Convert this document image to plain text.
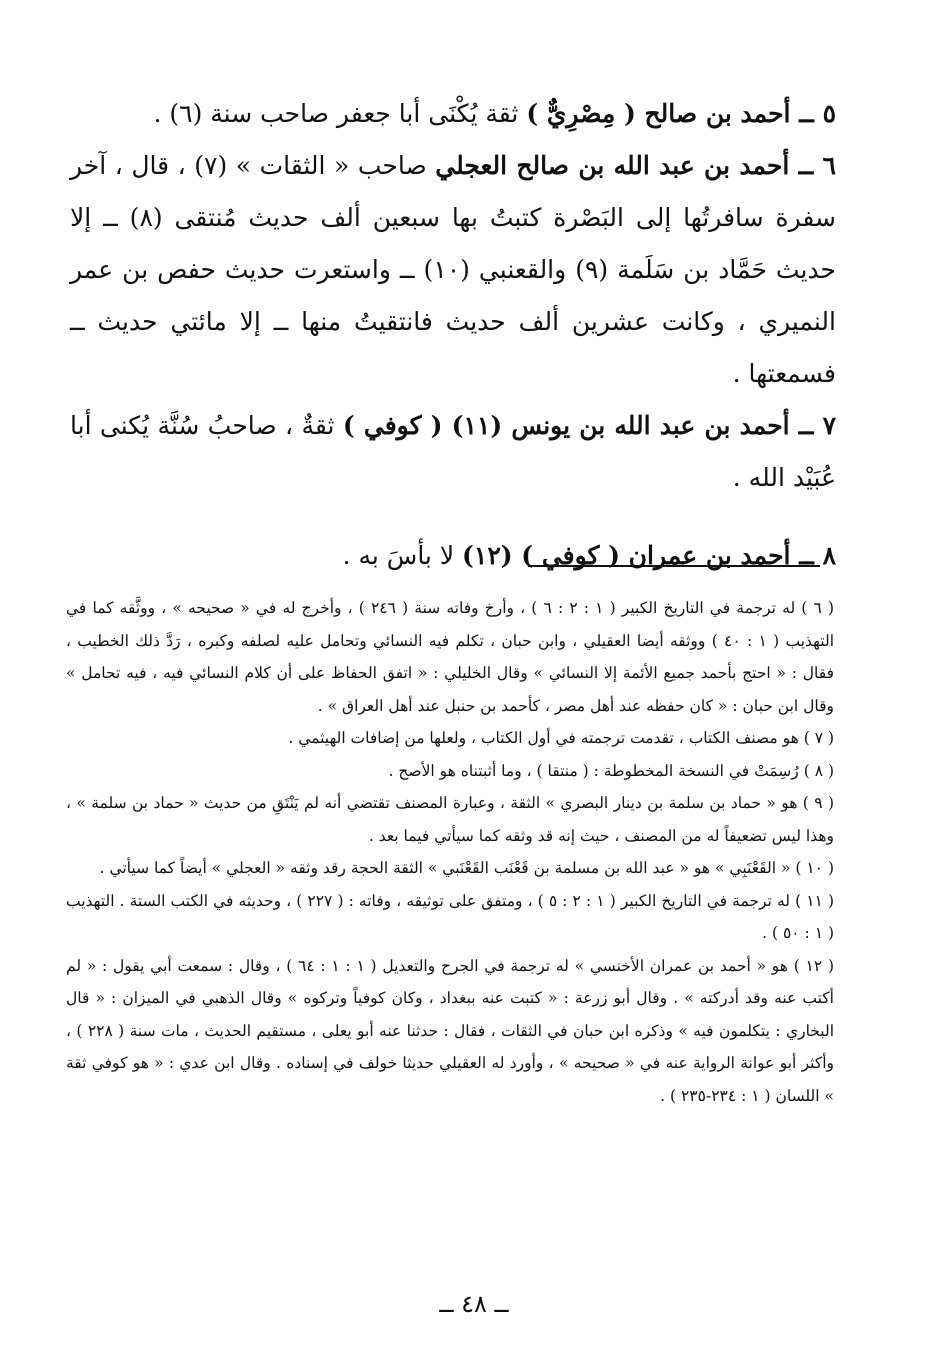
٥ ــ أحمد بن صالح ( مِصْرِيٌّ ) ثقة يُكْنَى أبا جعفر صاحب سنة (٦) .

٦ ــ أحمد بن عبد الله بن صالح العجلي صاحب « الثقات » (٧) ، قال ، آخر سفرة سافرتُها إلى البَصْرة كتبتُ بها سبعين ألف حديث مُنتقى (٨) ــ إلا حديث حَمَّاد بن سَلَمة (٩) والقعنبي (١٠) ــ واستعرت حديث حفص بن عمر النميري ، وكانت عشرين ألف حديث فانتقيتُ منها ــ إلا مائتي حديث ــ فسمعتها .

٧ ــ أحمد بن عبد الله بن يونس (١١) ( كوفي ) ثقةٌ ، صاحبُ سُنَّة يُكنى أبا عُبَيْد الله .

٨ ــ أحمد بن عمران ( كوفي ) (١٢) لا بأسَ به .

( ٦ ) له ترجمة في التاريخ الكبير ( ١ : ٢ : ٦ ) ، وأرخ وفاته سنة ( ٢٤٦ ) ، وأخرج له في « صحيحه » ، ووثَّقه كما في التهذيب ( ١ : ٤٠ ) ووثقه أيضا العقيلي ، وابن حبان ، تكلم فيه النسائي وتحامل عليه لصلفه وكبره ، رَدَّ ذلك الخطيب ، فقال : « احتج بأحمد جميع الأئمة إلا النسائي » وقال الخليلي : « اتفق الحفاظ على أن كلام النسائي فيه ، فيه تحامل » وقال ابن حبان : « كان حفظه عند أهل مصر ، كأحمد بن حنبل عند أهل العراق » .

( ٧ ) هو مصنف الكتاب ، تقدمت ترجمته في أول الكتاب ، ولعلها من إضافات الهيثمي .

( ٨ ) رُسِمَتْ في النسخة المخطوطة : ( منتقا ) ، وما أثبتناه هو الأصح .

( ٩ ) هو « حماد بن سلمة بن دينار البصري » الثقة ، وعبارة المصنف تقتضي أنه لم يَنْتَقِ من حديث « حماد بن سلمة » ، وهذا ليس تضعيفاً له من المصنف ، حيث إنه قد وثقه كما سيأتي فيما بعد .

( ١٠ ) « القَعْنَبِي » هو « عبد الله بن مسلمة بن قَعْنَب القَعْنَبي » الثقة الحجة رقد وثقه « العجلي » أيضاً كما سيأتي .

( ١١ ) له ترجمة في التاريخ الكبير ( ١ : ٢ : ٥ ) ، ومتفق على توثيقه ، وفاته : ( ٢٢٧ ) ، وحديثه في الكتب الستة . التهذيب ( ١ : ٥٠ ) .

( ١٢ ) هو « أحمد بن عمران الأخنسي » له ترجمة في الجرح والتعديل ( ١ : ١ : ٦٤ ) ، وقال : سمعت أبي يقول : « لم أكتب عنه وقد أدركته » . وقال أبو زرعة : « كتبت عنه ببغداد ، وكان كوفياً وتركوه » وقال الذهبي في الميزان : « قال البخاري : يتكلمون فيه » وذكره ابن حبان في الثقات ، فقال : حدثنا عنه أبو يعلى ، مستقيم الحديث ، مات سنة ( ٢٢٨ ) ، وأكثر أبو عوانة الرواية عنه في « صحيحه » ، وأورد له العقيلي حديثا خولف في إسناده . وقال ابن عدي : « هو كوفي ثقة » اللسان ( ١ : ٢٣٤-٢٣٥ ) .

ــ ٤٨ ــ
